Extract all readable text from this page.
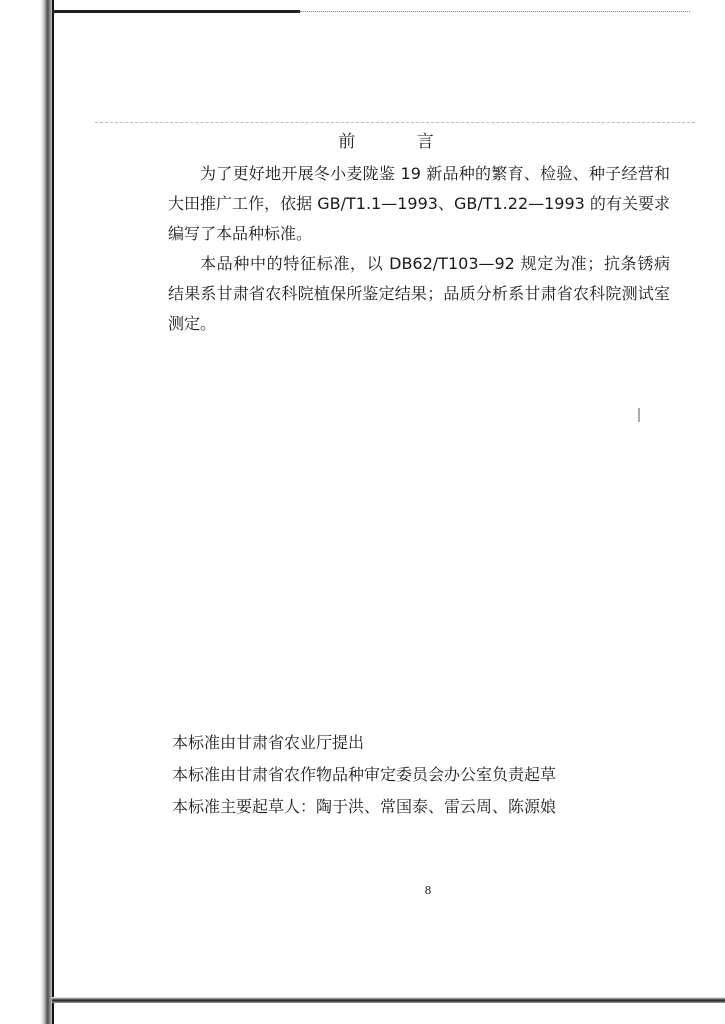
前 言

为了更好地开展冬小麦陇鉴 19 新品种的繁育、检验、种子经营和大田推广工作，依据 GB/T1.1—1993、GB/T1.22—1993 的有关要求编写了本品种标准。

本品种中的特征标准，以 DB62/T103—92 规定为准；抗条锈病结果系甘肃省农科院植保所鉴定结果；品质分析系甘肃省农科院测试室测定。

本标准由甘肃省农业厅提出
本标准由甘肃省农作物品种审定委员会办公室负责起草
本标准主要起草人：陶于洪、常国泰、雷云周、陈源娘
8
